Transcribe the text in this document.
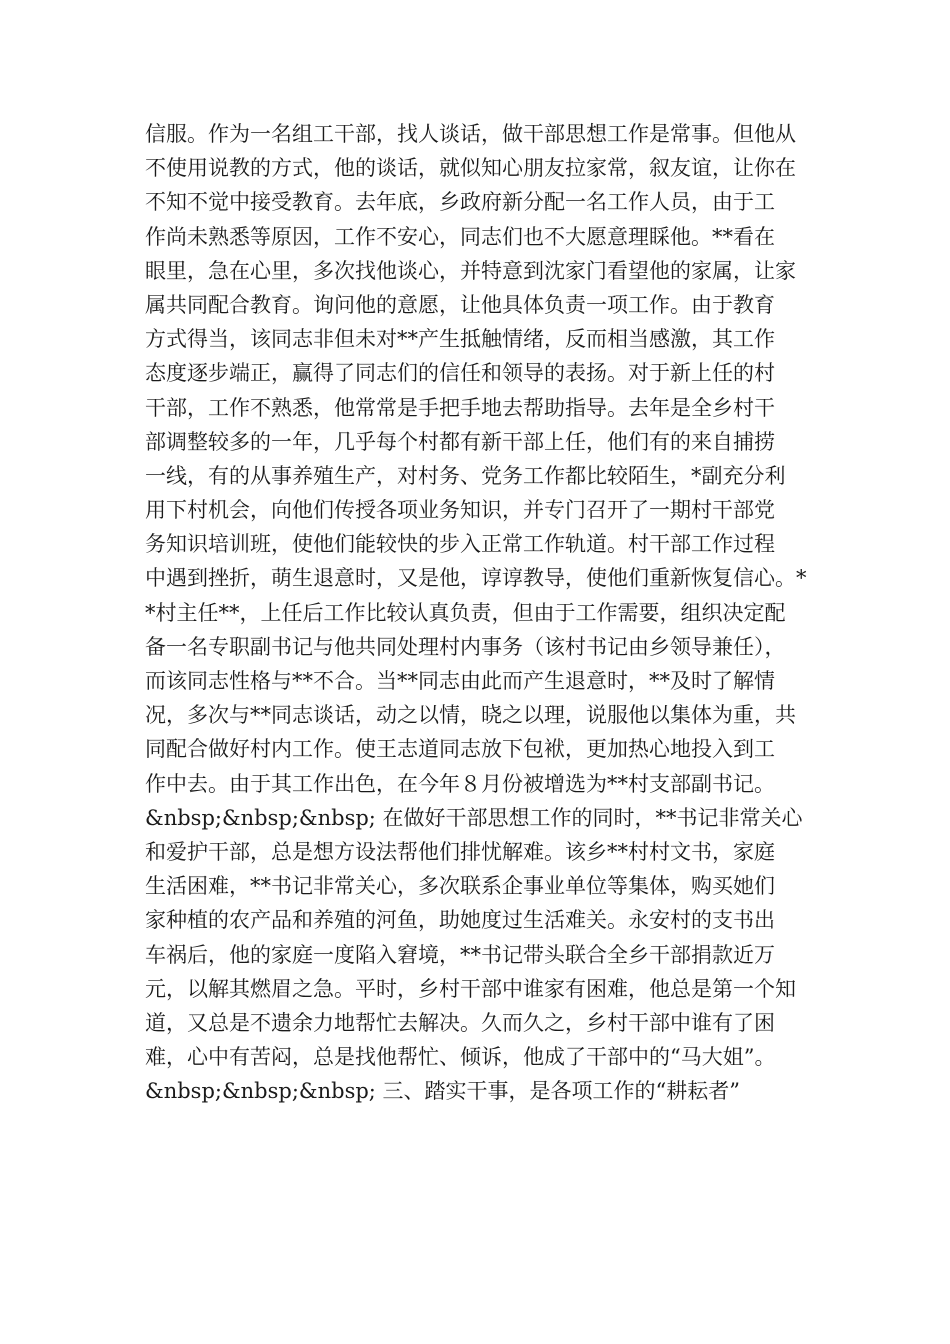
信服。作为一名组工干部，找人谈话，做干部思想工作是常事。但他从
不使用说教的方式，他的谈话，就似知心朋友拉家常，叙友谊，让你在
不知不觉中接受教育。去年底，乡政府新分配一名工作人员，由于工
作尚未熟悉等原因，工作不安心，同志们也不大愿意理睬他。**看在
眼里，急在心里，多次找他谈心，并特意到沈家门看望他的家属，让家
属共同配合教育。询问他的意愿，让他具体负责一项工作。由于教育
方式得当，该同志非但未对**产生抵触情绪，反而相当感激，其工作
态度逐步端正，赢得了同志们的信任和领导的表扬。对于新上任的村
干部，工作不熟悉，他常常是手把手地去帮助指导。去年是全乡村干
部调整较多的一年，几乎每个村都有新干部上任，他们有的来自捕捞
一线，有的从事养殖生产，对村务、党务工作都比较陌生，*副充分利
用下村机会，向他们传授各项业务知识，并专门召开了一期村干部党
务知识培训班，使他们能较快的步入正常工作轨道。村干部工作过程
中遇到挫折，萌生退意时，又是他，谆谆教导，使他们重新恢复信心。*
*村主任**，上任后工作比较认真负责，但由于工作需要，组织决定配
备一名专职副书记与他共同处理村内事务（该村书记由乡领导兼任），
而该同志性格与**不合。当**同志由此而产生退意时，**及时了解情
况，多次与**同志谈话，动之以情，晓之以理，说服他以集体为重，共
同配合做好村内工作。使王志道同志放下包袱，更加热心地投入到工
作中去。由于其工作出色，在今年８月份被增选为**村支部副书记。
&nbsp;&nbsp;&nbsp; 在做好干部思想工作的同时，**书记非常关心
和爱护干部，总是想方设法帮他们排忧解难。该乡**村村文书，家庭
生活困难，**书记非常关心，多次联系企事业单位等集体，购买她们
家种植的农产品和养殖的河鱼，助她度过生活难关。永安村的支书出
车祸后，他的家庭一度陷入窘境，**书记带头联合全乡干部捐款近万
元，以解其燃眉之急。平时，乡村干部中谁家有困难，他总是第一个知
道，又总是不遗余力地帮忙去解决。久而久之，乡村干部中谁有了困
难，心中有苦闷，总是找他帮忙、倾诉，他成了干部中的“马大姐”。
&nbsp;&nbsp;&nbsp; 三、踏实干事，是各项工作的“耕耘者”
